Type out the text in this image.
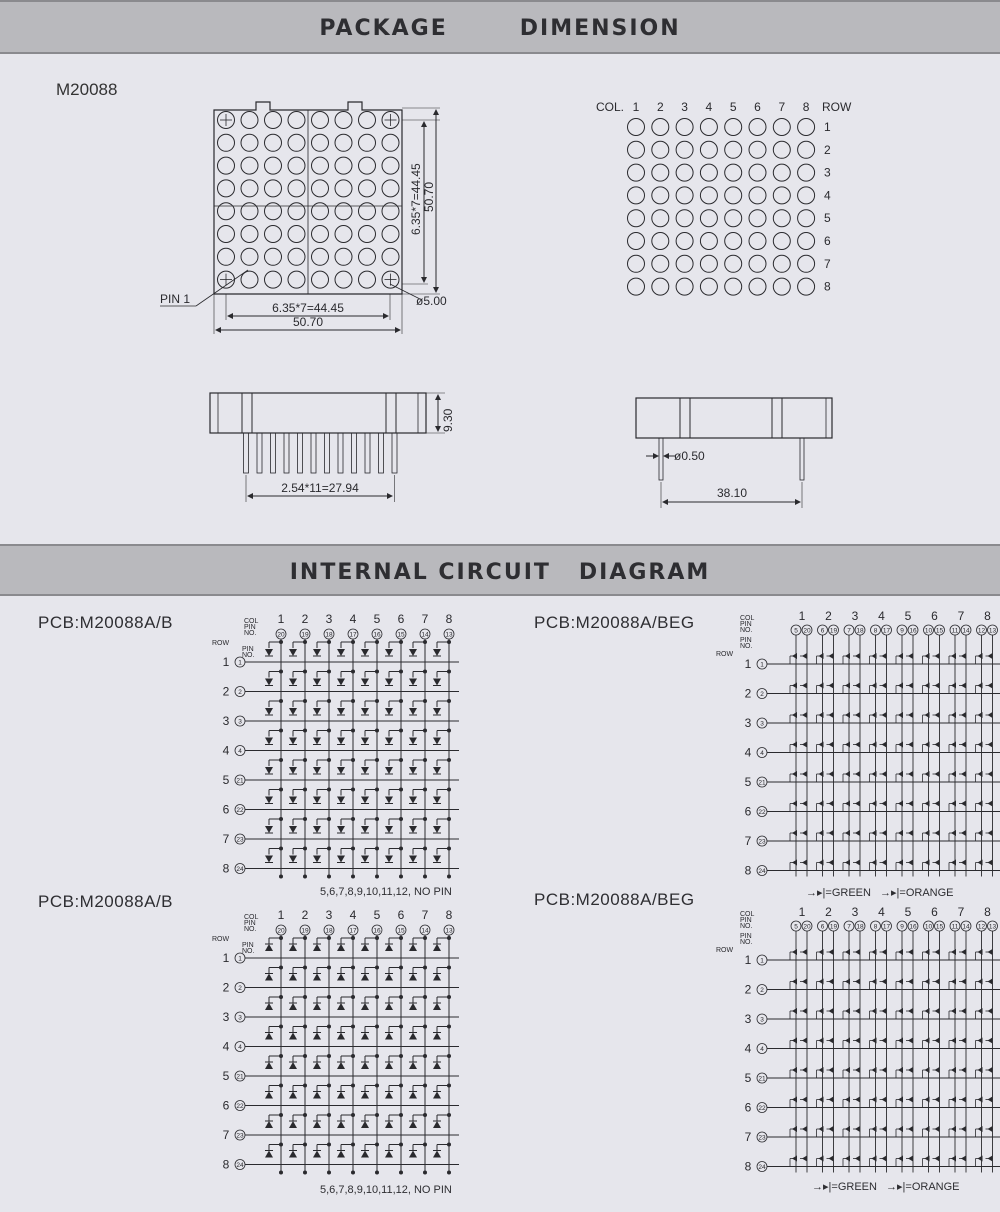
PACKAGE	DIMENSION
INTERNAL CIRCUIT DIAGRAM
M20088
PCB:M20088A/B
PCB:M20088A/B
PCB:M20088A/BEG
PCB:M20088A/BEG
5,6,7,8,9,10,11,12, NO PIN
5,6,7,8,9,10,11,12, NO PIN
→▸|=GREEN →▸|=ORANGE
→▸|=GREEN →▸|=ORANGE
6.35*7=44.45 50.70
6.35*7=44.45
50.70
PIN 1	ø5.00
COL.	ROW
1 2 3 4 5 6 7 8
1
2
3
4
5
6
7
8
9.30
2.54*11=27.94
ø0.50
38.10
COL
PIN
NO.
ROW
PIN
NO.
1
20
2
19
3
18
4
17
5
16
6
15
7
14
8
13
1 1
2 2
3 3
4 4
5 21
6 22
7 23
8 24
COL
PIN
NO.
ROW
PIN
NO.
1
20
2
19
3
18
4
17
5
16
6
15
7
14
8
13
1 1
2 2
3 3
4 4
5 21
6 22
7 23
8 24
COL
PIN
NO.
PIN
NO.
ROW
1
5 20
2
6 19
3
7 18
4
8 17
5
9 16
6
10 15
7
11 14
8
12 13
1 1
2 2
3 3
4 4
5 21
6 22
7 23
8 24
COL
PIN
NO.
PIN
NO.
ROW
1
5 20
2
6 19
3
7 18
4
8 17
5
9 16
6
10 15
7
11 14
8
12 13
1 1
2 2
3 3
4 4
5 21
6 22
7 23
8 24
